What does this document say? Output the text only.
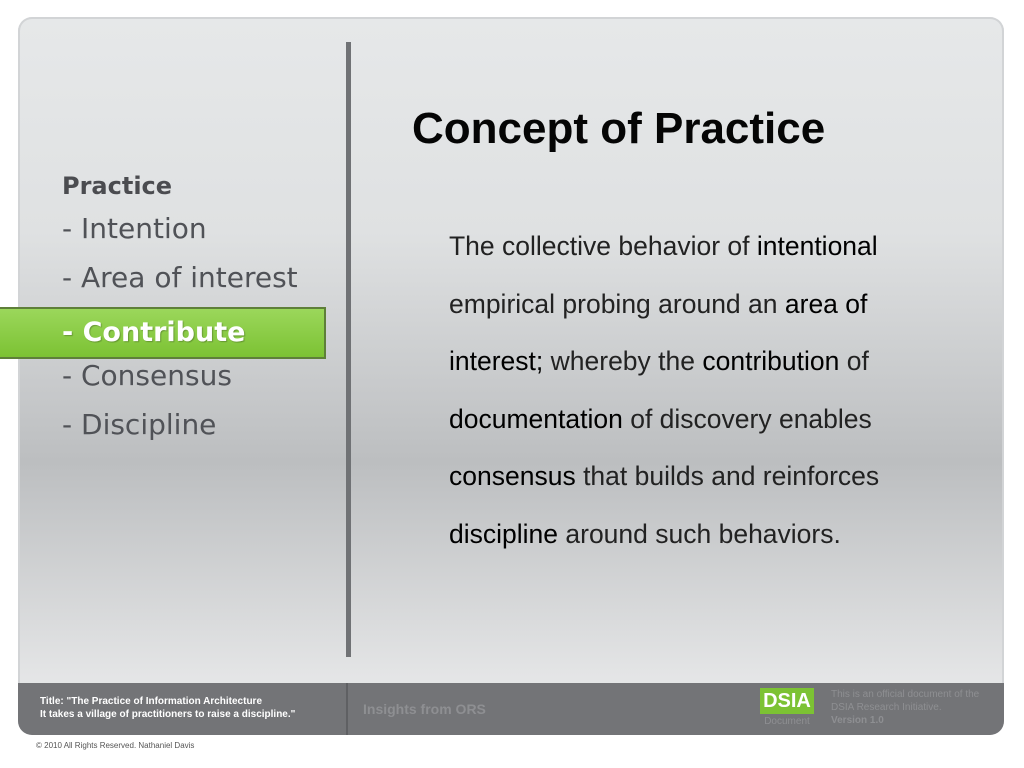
Practice
- Intention
- Area of interest
- Consensus
- Discipline
- Contribute
Concept of Practice
The collective behavior of intentional empirical probing around an area of interest; whereby the contribution of documentation of discovery enables consensus that builds and reinforces discipline around such behaviors.
Title: "The Practice of Information Architecture
It takes a village of practitioners to raise a discipline."	Insights from ORS	DSIA
Document
This is an official document of the
DSIA Research Initiative.
Version 1.0
© 2010 All Rights Reserved. Nathaniel Davis
